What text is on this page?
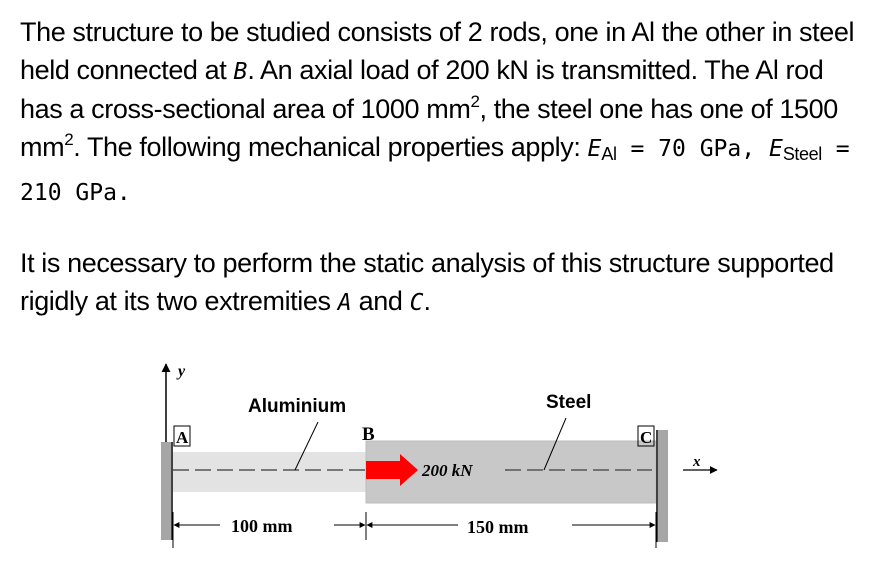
The structure to be studied consists of 2 rods, one in Al the other in steel held connected at B. An axial load of 200 kN is transmitted. The Al rod has a cross-sectional area of 1000 $mm^2$, the steel one has one of 1500 $mm^2$. The following mechanical properties apply: $E_{Al} = 70$ GPa, $E_{Steel} = 210$ GPa.

It is necessary to perform the static analysis of this structure supported rigidly at its two extremities A and C.

y
A	C
x
200 kN
Aluminium	Steel
B
100 mm	150 mm
